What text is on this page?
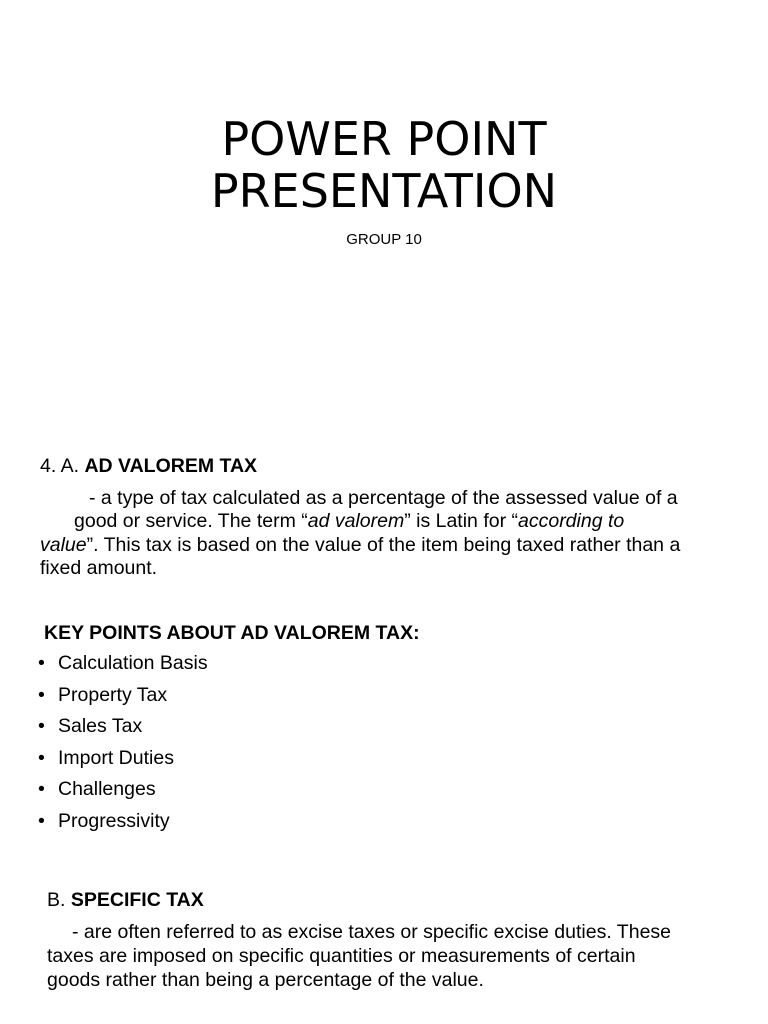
POWER POINT
PRESENTATION
GROUP 10
4. A. AD VALOREM TAX
- a type of tax calculated as a percentage of the assessed value of a
good or service. The term “ad valorem” is Latin for “according to
value”. This tax is based on the value of the item being taxed rather than a
fixed amount.
KEY POINTS ABOUT AD VALOREM TAX:
• Calculation Basis
• Property Tax
• Sales Tax
• Import Duties
• Challenges
• Progressivity
B. SPECIFIC TAX
- are often referred to as excise taxes or specific excise duties. These
taxes are imposed on specific quantities or measurements of certain
goods rather than being a percentage of the value.
